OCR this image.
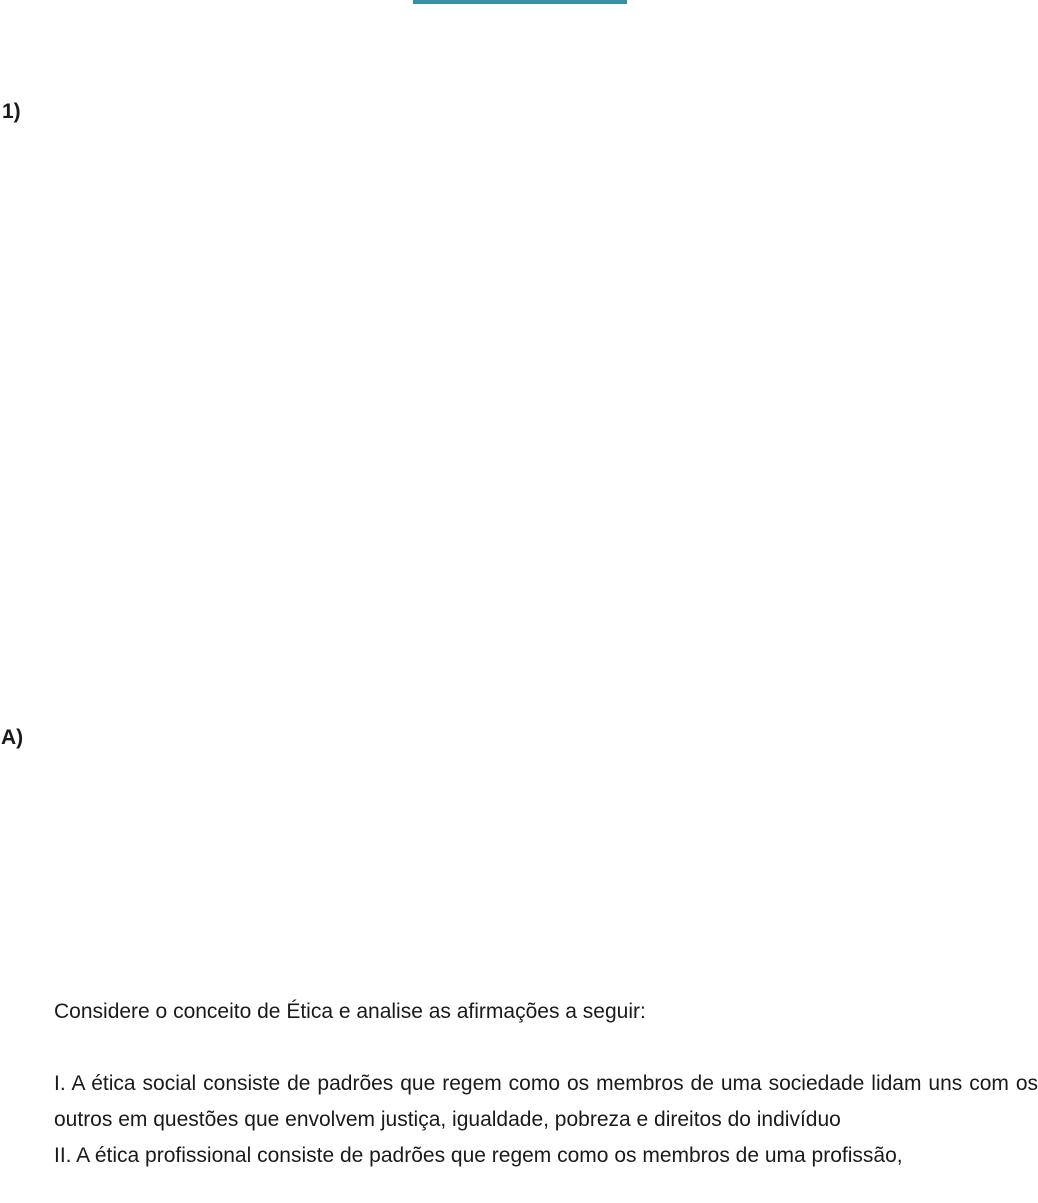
1)
A)

Considere o conceito de Ética e analise as afirmações a seguir:

I. A ética social consiste de padrões que regem como os membros de uma sociedade lidam uns com os outros em questões que envolvem justiça, igualdade, pobreza e direitos do indivíduo

II. A ética profissional consiste de padrões que regem como os membros de uma profissão,
